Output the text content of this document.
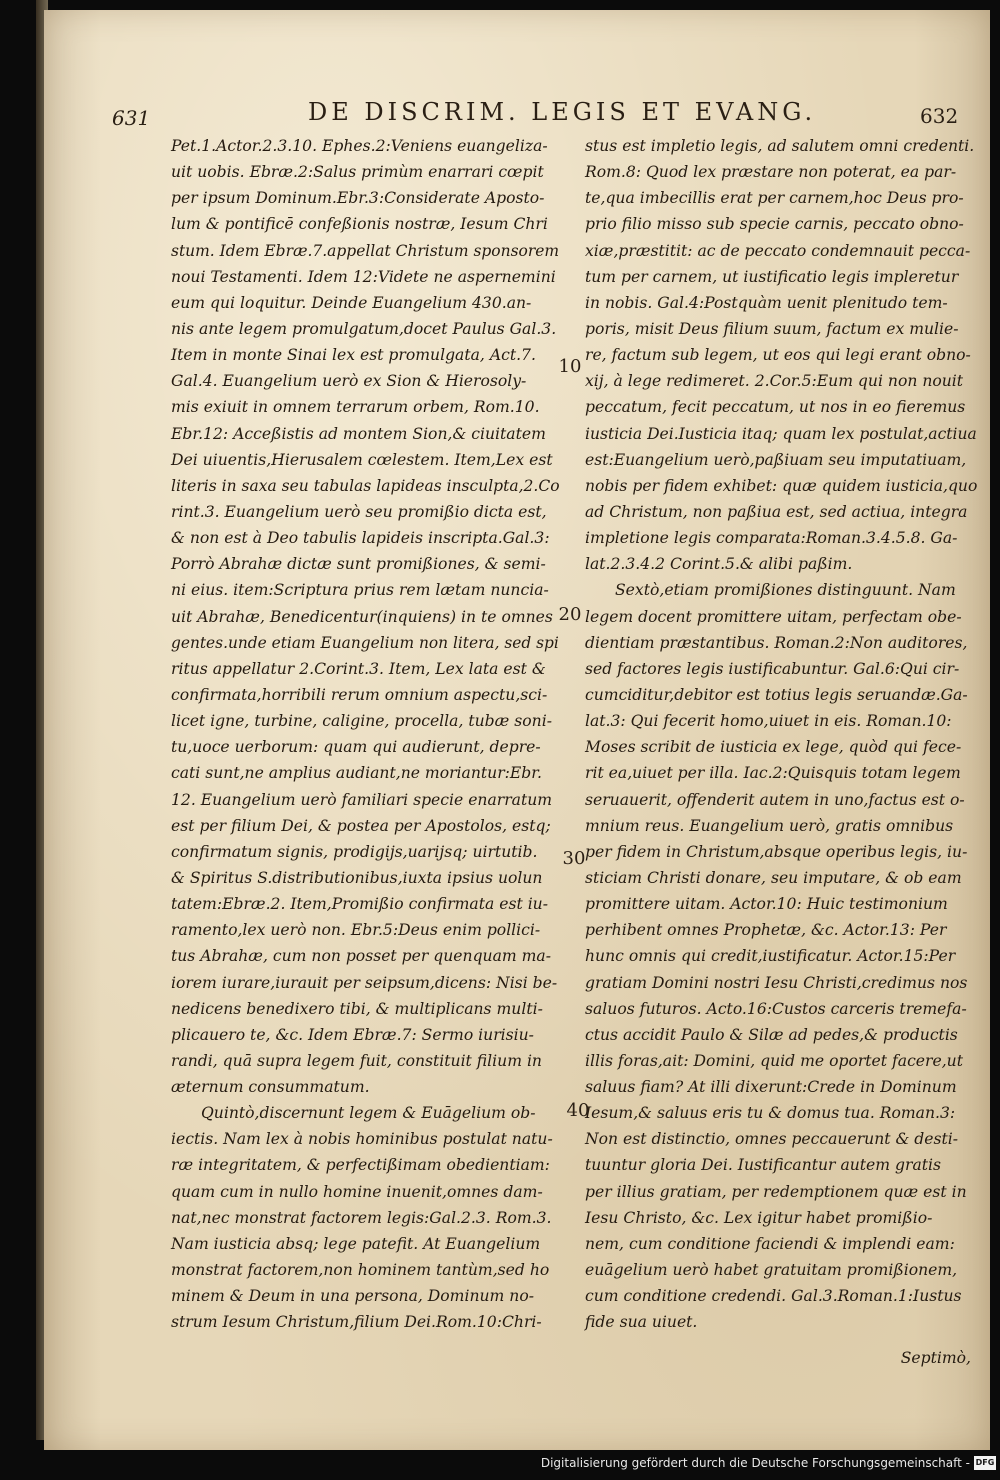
631	DE DISCRIM. LEGIS ET EVANG.	632
Pet.1.Actor.2.3.10. Ephes.2:Veniens euangeliza-
uit uobis. Ebræ.2:Salus primùm enarrari cœpit
per ipsum Dominum.Ebr.3:Considerate Aposto-
lum & pontificē confeßionis nostræ, Iesum Chri
stum. Idem Ebræ.7.appellat Christum sponsorem
noui Testamenti. Idem 12:Videte ne aspernemini
eum qui loquitur. Deinde Euangelium 430.an-
nis ante legem promulgatum,docet Paulus Gal.3.
Item in monte Sinai lex est promulgata, Act.7.
Gal.4. Euangelium uerò ex Sion & Hierosoly-
mis exiuit in omnem terrarum orbem, Rom.10.
Ebr.12: Acceßistis ad montem Sion,& ciuitatem
Dei uiuentis,Hierusalem cœlestem. Item,Lex est
literis in saxa seu tabulas lapideas insculpta,2.Co
rint.3. Euangelium uerò seu promißio dicta est,
& non est à Deo tabulis lapideis inscripta.Gal.3:
Porrò Abrahæ dictæ sunt promißiones, & semi-
ni eius. item:Scriptura prius rem lætam nuncia-
uit Abrahæ, Benedicentur(inquiens) in te omnes
gentes.unde etiam Euangelium non litera, sed spi
ritus appellatur 2.Corint.3. Item, Lex lata est &
confirmata,horribili rerum omnium aspectu,sci-
licet igne, turbine, caligine, procella, tubæ soni-
tu,uoce uerborum: quam qui audierunt, depre-
cati sunt,ne amplius audiant,ne moriantur:Ebr.
12. Euangelium uerò familiari specie enarratum
est per filium Dei, & postea per Apostolos, estq;
confirmatum signis, prodigijs,uarijsq; uirtutib.
& Spiritus S.distributionibus,iuxta ipsius uolun
tatem:Ebræ.2. Item,Promißio confirmata est iu-
ramento,lex uerò non. Ebr.5:Deus enim pollici-
tus Abrahæ, cum non posset per quenquam ma-
iorem iurare,iurauit per seipsum,dicens: Nisi be-
nedicens benedixero tibi, & multiplicans multi-
plicauero te, &c. Idem Ebræ.7: Sermo iurisiu-
randi, quā supra legem fuit, constituit filium in
æternum consummatum.
Quintò,discernunt legem & Euāgelium ob-
iectis. Nam lex à nobis hominibus postulat natu-
ræ integritatem, & perfectißimam obedientiam:
quam cum in nullo homine inuenit,omnes dam-
nat,nec monstrat factorem legis:Gal.2.3. Rom.3.
Nam iusticia absq; lege patefit. At Euangelium
monstrat factorem,non hominem tantùm,sed ho
minem & Deum in una persona, Dominum no-
strum Iesum Christum,filium Dei.Rom.10:Chri-
stus est impletio legis, ad salutem omni credenti.
Rom.8: Quod lex præstare non poterat, ea par-
te,qua imbecillis erat per carnem,hoc Deus pro-
prio filio misso sub specie carnis, peccato obno-
xiæ,præstitit: ac de peccato condemnauit pecca-
tum per carnem, ut iustificatio legis impleretur
in nobis. Gal.4:Postquàm uenit plenitudo tem-
poris, misit Deus filium suum, factum ex mulie-
re, factum sub legem, ut eos qui legi erant obno-
xij, à lege redimeret. 2.Cor.5:Eum qui non nouit
peccatum, fecit peccatum, ut nos in eo fieremus
iusticia Dei.Iusticia itaq; quam lex postulat,actiua
est:Euangelium uerò,paßiuam seu imputatiuam,
nobis per fidem exhibet: quæ quidem iusticia,quo
ad Christum, non paßiua est, sed actiua, integra
impletione legis comparata:Roman.3.4.5.8. Ga-
lat.2.3.4.2 Corint.5.& alibi paßim.
Sextò,etiam promißiones distinguunt. Nam
legem docent promittere uitam, perfectam obe-
dientiam præstantibus. Roman.2:Non auditores,
sed factores legis iustificabuntur. Gal.6:Qui cir-
cumciditur,debitor est totius legis seruandæ.Ga-
lat.3: Qui fecerit homo,uiuet in eis. Roman.10:
Moses scribit de iusticia ex lege, quòd qui fece-
rit ea,uiuet per illa. Iac.2:Quisquis totam legem
seruauerit, offenderit autem in uno,factus est o-
mnium reus. Euangelium uerò, gratis omnibus
per fidem in Christum,absque operibus legis, iu-
sticiam Christi donare, seu imputare, & ob eam
promittere uitam. Actor.10: Huic testimonium
perhibent omnes Prophetæ, &c. Actor.13: Per
hunc omnis qui credit,iustificatur. Actor.15:Per
gratiam Domini nostri Iesu Christi,credimus nos
saluos futuros. Acto.16:Custos carceris tremefa-
ctus accidit Paulo & Silæ ad pedes,& productis
illis foras,ait: Domini, quid me oportet facere,ut
saluus fiam? At illi dixerunt:Crede in Dominum
Iesum,& saluus eris tu & domus tua. Roman.3:
Non est distinctio, omnes peccauerunt & desti-
tuuntur gloria Dei. Iustificantur autem gratis
per illius gratiam, per redemptionem quæ est in
Iesu Christo, &c. Lex igitur habet promißio-
nem, cum conditione faciendi & implendi eam:
euāgelium uerò habet gratuitam promißionem,
cum conditione credendi. Gal.3.Roman.1:Iustus
fide sua uiuet.
Septimò,
10
20
30
40
Digitalisierung gefördert durch die Deutsche Forschungsgemeinschaft - DFG
